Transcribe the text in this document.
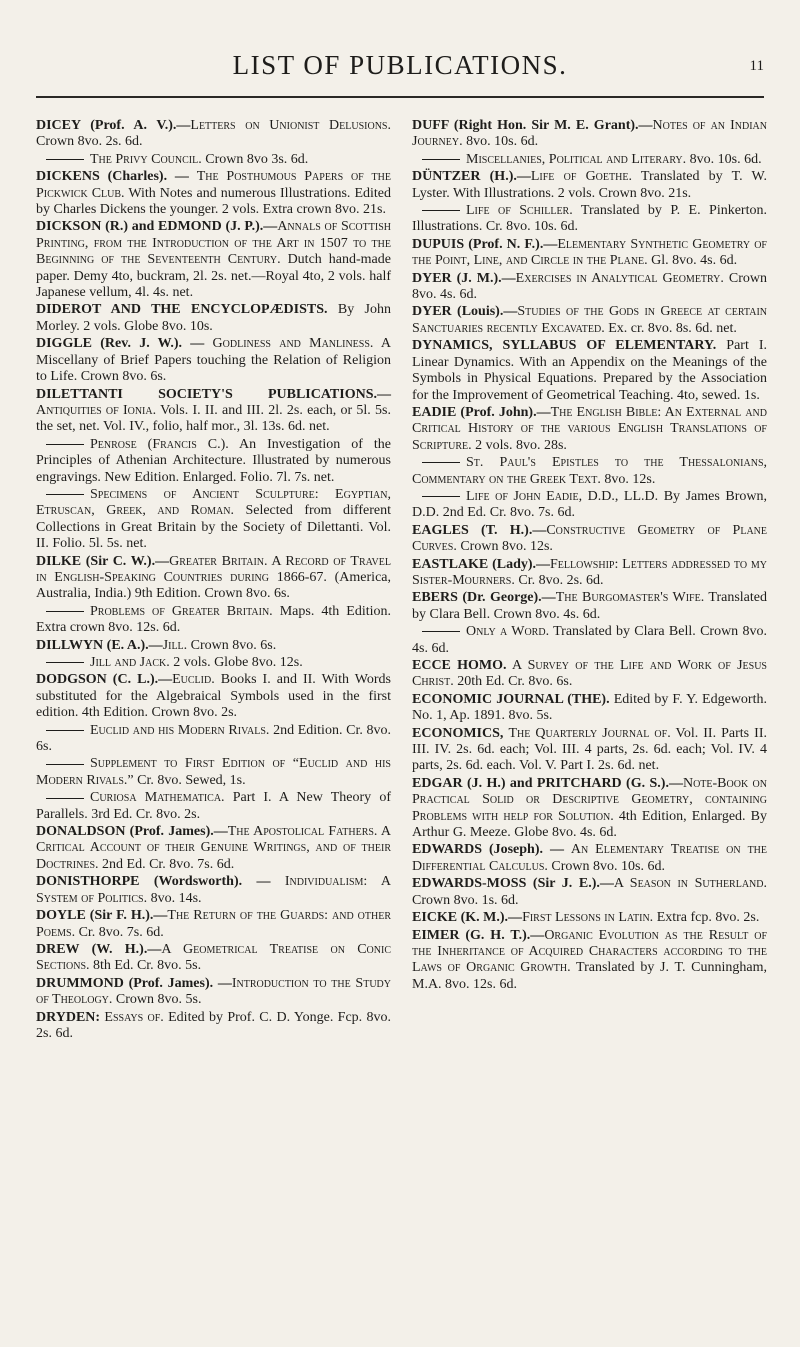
LIST OF PUBLICATIONS.	11

DICEY (Prof. A. V.).—Letters on Unionist Delusions. Crown 8vo. 2s. 6d.

The Privy Council. Crown 8vo 3s. 6d.

DICKENS (Charles). — The Posthumous Papers of the Pickwick Club. With Notes and numerous Illustrations. Edited by Charles Dickens the younger. 2 vols. Extra crown 8vo. 21s.

DICKSON (R.) and EDMOND (J. P.).—Annals of Scottish Printing, from the Introduction of the Art in 1507 to the Beginning of the Seventeenth Century. Dutch hand-made paper. Demy 4to, buckram, 2l. 2s. net.—Royal 4to, 2 vols. half Japanese vellum, 4l. 4s. net.

DIDEROT AND THE ENCYCLOPÆDISTS. By John Morley. 2 vols. Globe 8vo. 10s.

DIGGLE (Rev. J. W.). — Godliness and Manliness. A Miscellany of Brief Papers touching the Relation of Religion to Life. Crown 8vo. 6s.

DILETTANTI SOCIETY'S PUBLICATIONS.—Antiquities of Ionia. Vols. I. II. and III. 2l. 2s. each, or 5l. 5s. the set, net. Vol. IV., folio, half mor., 3l. 13s. 6d. net.

Penrose (Francis C.). An Investigation of the Principles of Athenian Architecture. Illustrated by numerous engravings. New Edition. Enlarged. Folio. 7l. 7s. net.

Specimens of Ancient Sculpture: Egyptian, Etruscan, Greek, and Roman. Selected from different Collections in Great Britain by the Society of Dilettanti. Vol. II. Folio. 5l. 5s. net.

DILKE (Sir C. W.).—Greater Britain. A Record of Travel in English-Speaking Countries during 1866-67. (America, Australia, India.) 9th Edition. Crown 8vo. 6s.

Problems of Greater Britain. Maps. 4th Edition. Extra crown 8vo. 12s. 6d.

DILLWYN (E. A.).—Jill. Crown 8vo. 6s.

Jill and Jack. 2 vols. Globe 8vo. 12s.

DODGSON (C. L.).—Euclid. Books I. and II. With Words substituted for the Algebraical Symbols used in the first edition. 4th Edition. Crown 8vo. 2s.

Euclid and his Modern Rivals. 2nd Edition. Cr. 8vo. 6s.

Supplement to First Edition of “Euclid and his Modern Rivals.” Cr. 8vo. Sewed, 1s.

Curiosa Mathematica. Part I. A New Theory of Parallels. 3rd Ed. Cr. 8vo. 2s.

DONALDSON (Prof. James).—The Apostolical Fathers. A Critical Account of their Genuine Writings, and of their Doctrines. 2nd Ed. Cr. 8vo. 7s. 6d.

DONISTHORPE (Wordsworth). — Individualism: A System of Politics. 8vo. 14s.

DOYLE (Sir F. H.).—The Return of the Guards: and other Poems. Cr. 8vo. 7s. 6d.

DREW (W. H.).—A Geometrical Treatise on Conic Sections. 8th Ed. Cr. 8vo. 5s.

DRUMMOND (Prof. James). —Introduction to the Study of Theology. Crown 8vo. 5s.

DRYDEN: Essays of. Edited by Prof. C. D. Yonge. Fcp. 8vo. 2s. 6d.

DUFF (Right Hon. Sir M. E. Grant).—Notes of an Indian Journey. 8vo. 10s. 6d.

Miscellanies, Political and Literary. 8vo. 10s. 6d.

DÜNTZER (H.).—Life of Goethe. Translated by T. W. Lyster. With Illustrations. 2 vols. Crown 8vo. 21s.

Life of Schiller. Translated by P. E. Pinkerton. Illustrations. Cr. 8vo. 10s. 6d.

DUPUIS (Prof. N. F.).—Elementary Synthetic Geometry of the Point, Line, and Circle in the Plane. Gl. 8vo. 4s. 6d.

DYER (J. M.).—Exercises in Analytical Geometry. Crown 8vo. 4s. 6d.

DYER (Louis).—Studies of the Gods in Greece at certain Sanctuaries recently Excavated. Ex. cr. 8vo. 8s. 6d. net.

DYNAMICS, SYLLABUS OF ELEMENTARY. Part I. Linear Dynamics. With an Appendix on the Meanings of the Symbols in Physical Equations. Prepared by the Association for the Improvement of Geometrical Teaching. 4to, sewed. 1s.

EADIE (Prof. John).—The English Bible: An External and Critical History of the various English Translations of Scripture. 2 vols. 8vo. 28s.

St. Paul's Epistles to the Thessalonians, Commentary on the Greek Text. 8vo. 12s.

Life of John Eadie, D.D., LL.D. By James Brown, D.D. 2nd Ed. Cr. 8vo. 7s. 6d.

EAGLES (T. H.).—Constructive Geometry of Plane Curves. Crown 8vo. 12s.

EASTLAKE (Lady).—Fellowship: Letters addressed to my Sister-Mourners. Cr. 8vo. 2s. 6d.

EBERS (Dr. George).—The Burgomaster's Wife. Translated by Clara Bell. Crown 8vo. 4s. 6d.

Only a Word. Translated by Clara Bell. Crown 8vo. 4s. 6d.

ECCE HOMO. A Survey of the Life and Work of Jesus Christ. 20th Ed. Cr. 8vo. 6s.

ECONOMIC JOURNAL (THE). Edited by F. Y. Edgeworth. No. 1, Ap. 1891. 8vo. 5s.

ECONOMICS, The Quarterly Journal of. Vol. II. Parts II. III. IV. 2s. 6d. each; Vol. III. 4 parts, 2s. 6d. each; Vol. IV. 4 parts, 2s. 6d. each. Vol. V. Part I. 2s. 6d. net.

EDGAR (J. H.) and PRITCHARD (G. S.).—Note-Book on Practical Solid or Descriptive Geometry, containing Problems with help for Solution. 4th Edition, Enlarged. By Arthur G. Meeze. Globe 8vo. 4s. 6d.

EDWARDS (Joseph). — An Elementary Treatise on the Differential Calculus. Crown 8vo. 10s. 6d.

EDWARDS-MOSS (Sir J. E.).—A Season in Sutherland. Crown 8vo. 1s. 6d.

EICKE (K. M.).—First Lessons in Latin. Extra fcp. 8vo. 2s.

EIMER (G. H. T.).—Organic Evolution as the Result of the Inheritance of Acquired Characters according to the Laws of Organic Growth. Translated by J. T. Cunningham, M.A. 8vo. 12s. 6d.
